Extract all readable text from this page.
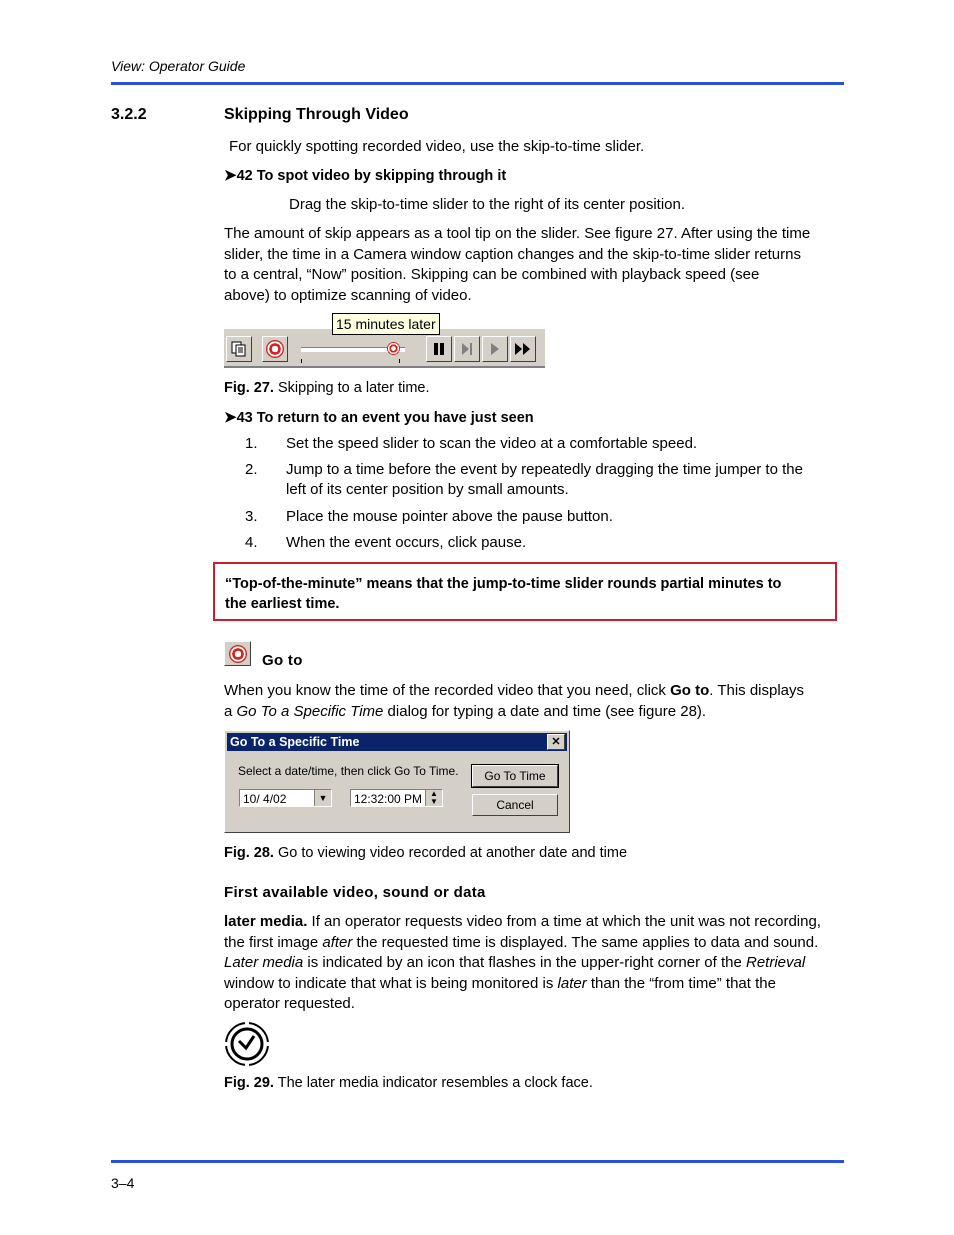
View: Operator Guide
3.2.2	Skipping Through Video
For quickly spotting recorded video, use the skip-to-time slider.
➤42 To spot video by skipping through it
Drag the skip-to-time slider to the right of its center position.
The amount of skip appears as a tool tip on the slider. See figure 27. After using the time
slider, the time in a Camera window caption changes and the skip-to-time slider returns
to a central, “Now” position. Skipping can be combined with playback speed (see
above) to optimize scanning of video.
15 minutes later
Fig. 27. Skipping to a later time.
➤43 To return to an event you have just seen
1. Set the speed slider to scan the video at a comfortable speed.
2. Jump to a time before the event by repeatedly dragging the time jumper to the
left of its center position by small amounts.
3. Place the mouse pointer above the pause button.
4. When the event occurs, click pause.
“Top-of-the-minute” means that the jump-to-time slider rounds partial minutes to
the earliest time.
Go to
When you know the time of the recorded video that you need, click Go to. This displays
a Go To a Specific Time dialog for typing a date and time (see figure 28).
Go To a Specific Time	✕
Select a date/time, then click Go To Time.
10/ 4/02	▼	12:32:00 PM ▲
▼
Go To Time
Cancel
Fig. 28. Go to viewing video recorded at another date and time
First available video, sound or data
later media. If an operator requests video from a time at which the unit was not recording,
the first image after the requested time is displayed. The same applies to data and sound.
Later media is indicated by an icon that flashes in the upper-right corner of the Retrieval
window to indicate that what is being monitored is later than the “from time” that the
operator requested.
Fig. 29. The later media indicator resembles a clock face.
3–4
